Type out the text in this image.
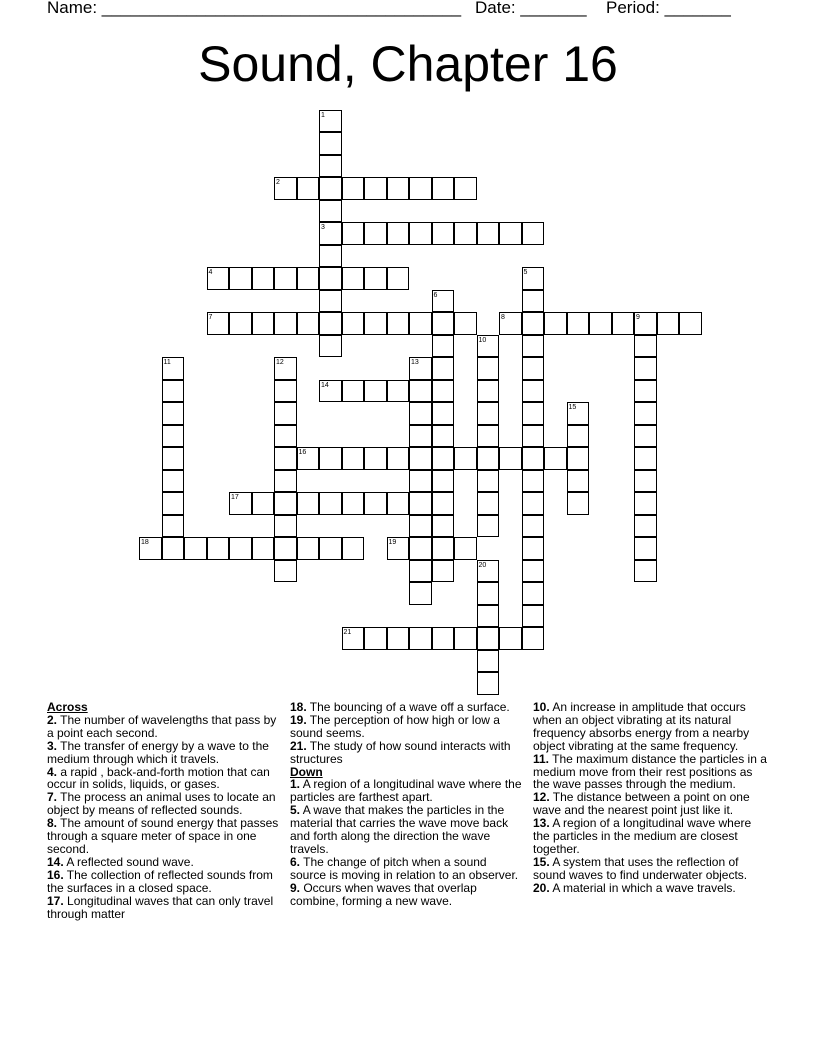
Name: ______________________________________ Date: _______ Period: _______
Sound, Chapter 16
1
3
2
4	5
6
7	8	9
10
11	12	13
14
15
16
17
18	19
20
21
Across
2. The number of wavelengths that pass by a point each second.
3. The transfer of energy by a wave to the medium through which it travels.
4. a rapid , back-and-forth motion that can occur in solids, liquids, or gases.
7. The process an animal uses to locate an object by means of reflected sounds.
8. The amount of sound energy that passes through a square meter of space in one second.
14. A reflected sound wave.
16. The collection of reflected sounds from the surfaces in a closed space.
17. Longitudinal waves that can only travel through matter
18. The bouncing of a wave off a surface.
19. The perception of how high or low a sound seems.
21. The study of how sound interacts with structures
Down
1. A region of a longitudinal wave where the particles are farthest apart.
5. A wave that makes the particles in the material that carries the wave move back and forth along the direction the wave travels.
6. The change of pitch when a sound source is moving in relation to an observer.
9. Occurs when waves that overlap combine, forming a new wave.
10. An increase in amplitude that occurs when an object vibrating at its natural frequency absorbs energy from a nearby object vibrating at the same frequency.
11. The maximum distance the particles in a medium move from their rest positions as the wave passes through the medium.
12. The distance between a point on one wave and the nearest point just like it.
13. A region of a longitudinal wave where the particles in the medium are closest together.
15. A system that uses the reflection of sound waves to find underwater objects.
20. A material in which a wave travels.
